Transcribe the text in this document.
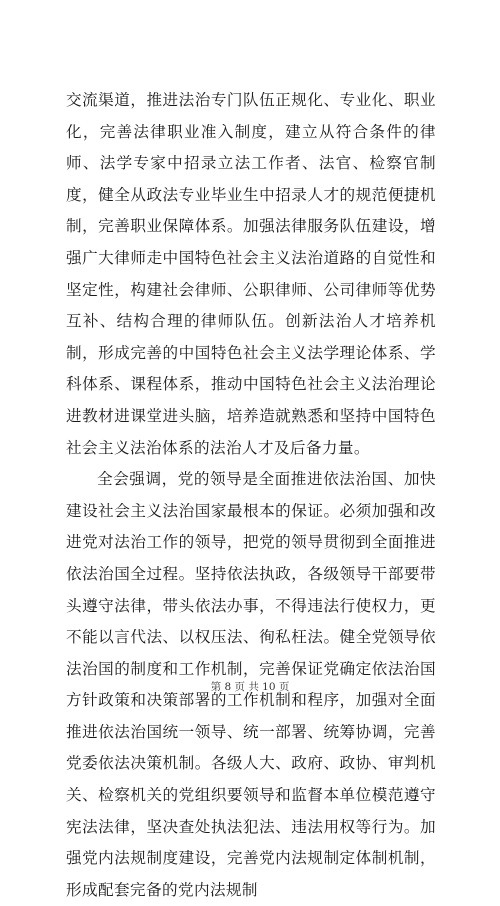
交流渠道，推进法治专门队伍正规化、专业化、职业化，完善法律职业准入制度，建立从符合条件的律师、法学专家中招录立法工作者、法官、检察官制度，健全从政法专业毕业生中招录人才的规范便捷机制，完善职业保障体系。加强法律服务队伍建设，增强广大律师走中国特色社会主义法治道路的自觉性和坚定性，构建社会律师、公职律师、公司律师等优势互补、结构合理的律师队伍。创新法治人才培养机制，形成完善的中国特色社会主义法学理论体系、学科体系、课程体系，推动中国特色社会主义法治理论进教材进课堂进头脑，培养造就熟悉和坚持中国特色社会主义法治体系的法治人才及后备力量。

全会强调，党的领导是全面推进依法治国、加快建设社会主义法治国家最根本的保证。必须加强和改进党对法治工作的领导，把党的领导贯彻到全面推进依法治国全过程。坚持依法执政，各级领导干部要带头遵守法律，带头依法办事，不得违法行使权力，更不能以言代法、以权压法、徇私枉法。健全党领导依法治国的制度和工作机制，完善保证党确定依法治国方针政策和决策部署的工作机制和程序，加强对全面推进依法治国统一领导、统一部署、统筹协调，完善党委依法决策机制。各级人大、政府、政协、审判机关、检察机关的党组织要领导和监督本单位模范遵守宪法法律，坚决查处执法犯法、违法用权等行为。加强党内法规制度建设，完善党内法规制定体制机制，形成配套完备的党内法规制

第 8 页 共 10 页
